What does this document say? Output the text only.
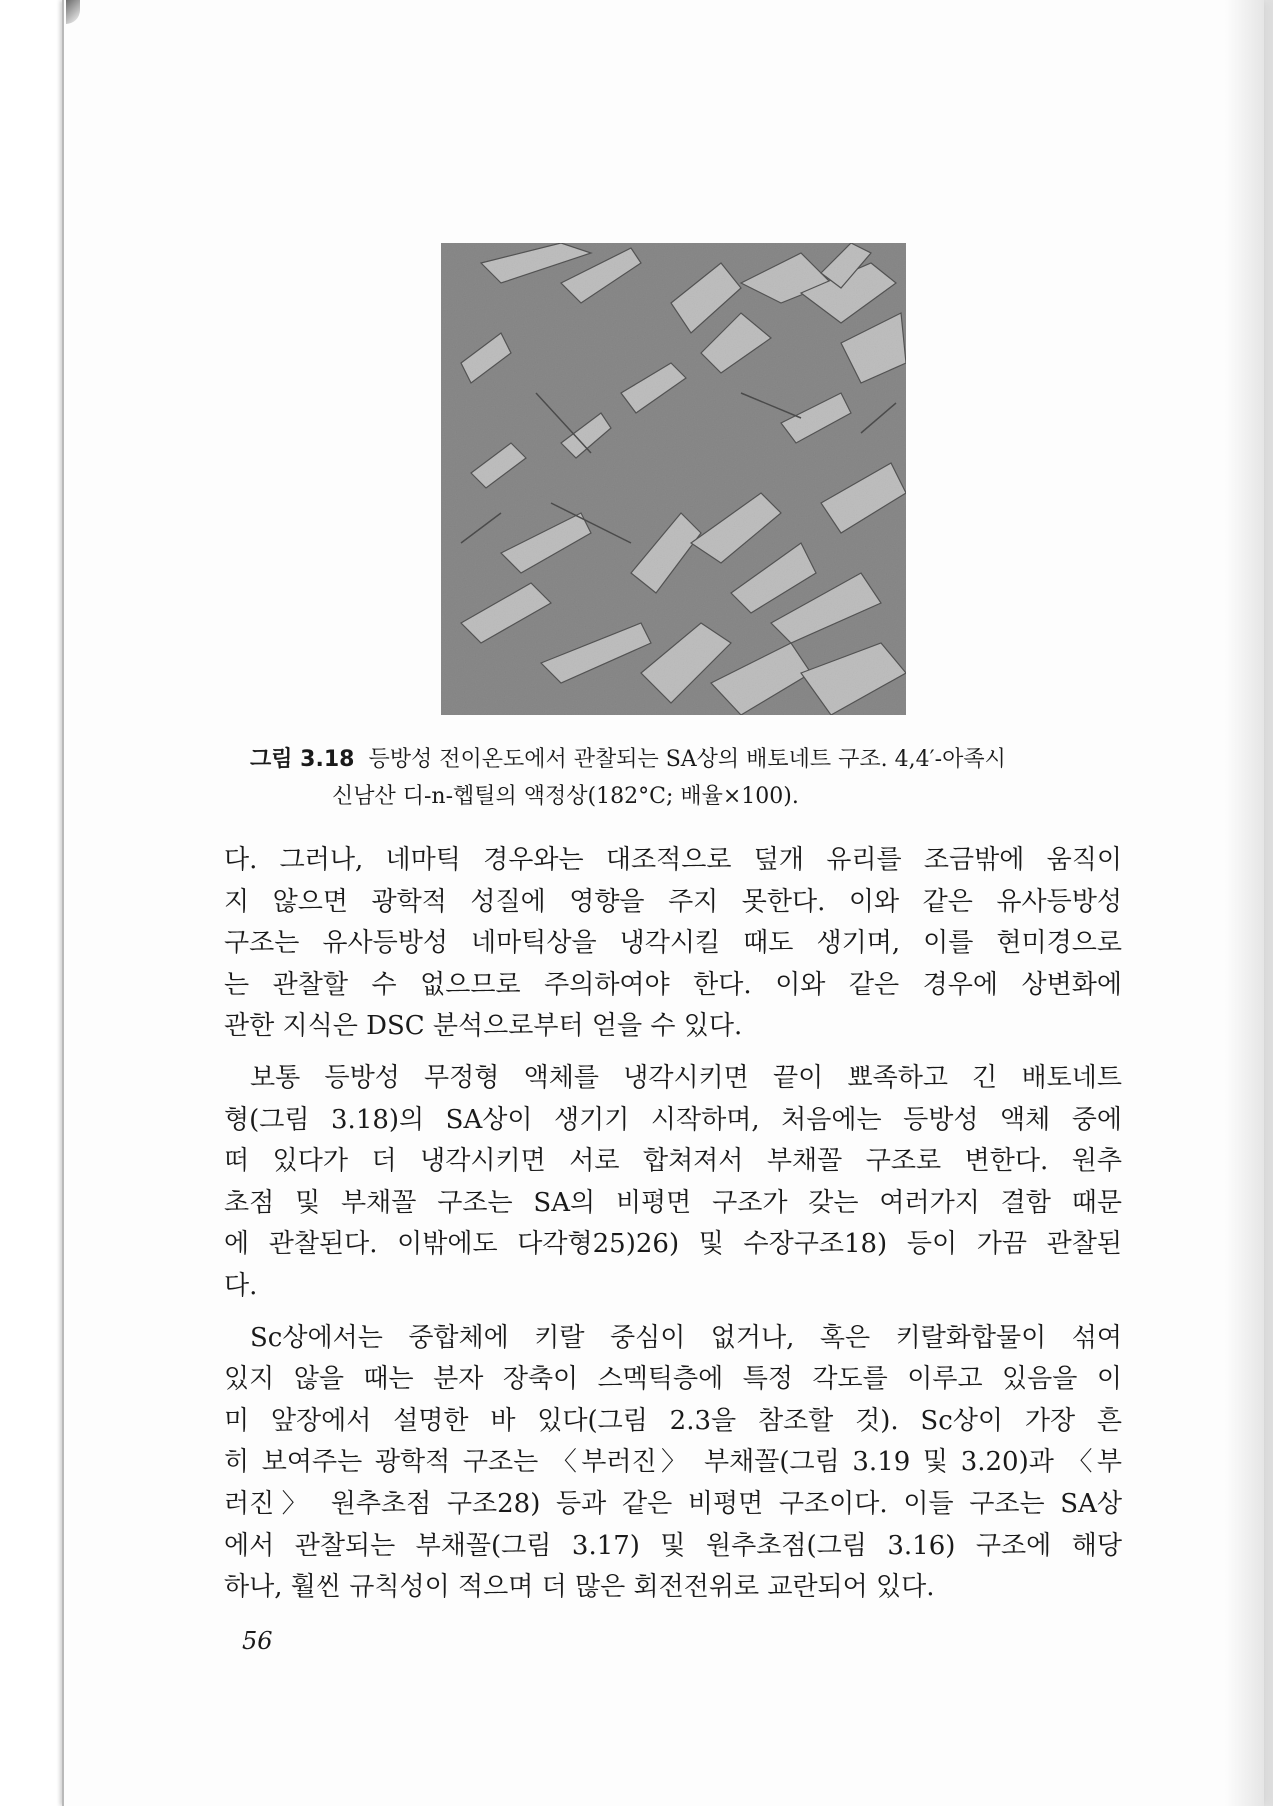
그림 3.18 등방성 전이온도에서 관찰되는 SA상의 배토네트 구조. 4,4′-아족시
신남산 디-n-헵틸의 액정상(182°C; 배율×100).
다. 그러나, 네마틱 경우와는 대조적으로 덮개 유리를 조금밖에 움직이
지 않으면 광학적 성질에 영향을 주지 못한다. 이와 같은 유사등방성
구조는 유사등방성 네마틱상을 냉각시킬 때도 생기며, 이를 현미경으로
는 관찰할 수 없으므로 주의하여야 한다. 이와 같은 경우에 상변화에
관한 지식은 DSC 분석으로부터 얻을 수 있다.
보통 등방성 무정형 액체를 냉각시키면 끝이 뾰족하고 긴 배토네트
형(그림 3.18)의 SA상이 생기기 시작하며, 처음에는 등방성 액체 중에
떠 있다가 더 냉각시키면 서로 합쳐져서 부채꼴 구조로 변한다. 원추
초점 및 부채꼴 구조는 SA의 비평면 구조가 갖는 여러가지 결함 때문
에 관찰된다. 이밖에도 다각형25)26) 및 수장구조18) 등이 가끔 관찰된
다.
Sc상에서는 중합체에 키랄 중심이 없거나, 혹은 키랄화합물이 섞여
있지 않을 때는 분자 장축이 스멕틱층에 특정 각도를 이루고 있음을 이
미 앞장에서 설명한 바 있다(그림 2.3을 참조할 것). Sc상이 가장 흔
히 보여주는 광학적 구조는 〈부러진〉 부채꼴(그림 3.19 및 3.20)과 〈부
러진〉 원추초점 구조28) 등과 같은 비평면 구조이다. 이들 구조는 SA상
에서 관찰되는 부채꼴(그림 3.17) 및 원추초점(그림 3.16) 구조에 해당
하나, 훨씬 규칙성이 적으며 더 많은 회전전위로 교란되어 있다.
56
